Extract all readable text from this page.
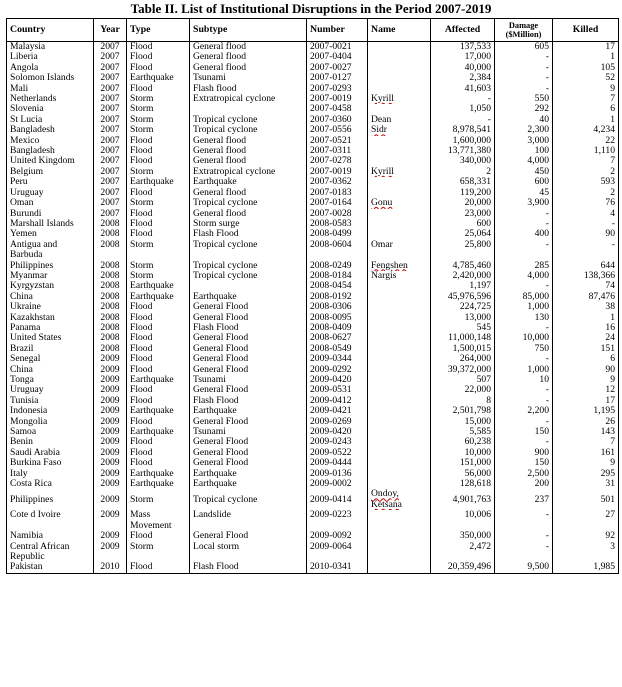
Table II. List of Institutional Disruptions in the Period 2007-2019
Country	Year	Type	Subtype	Number	Name	Affected	Damage ($Million)	Killed
Malaysia	2007	Flood	General flood	2007-0021		137,533	605	17
Liberia	2007	Flood	General flood	2007-0404		17,000	-	1
Angola	2007	Flood	General flood	2007-0027		40,000	-	105
Solomon Islands	2007	Earthquake	Tsunami	2007-0127		2,384	-	52
Mali	2007	Flood	Flash flood	2007-0293		41,603	-	9
Netherlands	2007	Storm	Extratropical cyclone	2007-0019	Kyrill	-	550	7
Slovenia	2007	Storm		2007-0458		1,050	292	6
St Lucia	2007	Storm	Tropical cyclone	2007-0360	Dean	-	40	1
Bangladesh	2007	Storm	Tropical cyclone	2007-0556	Sidr	8,978,541	2,300	4,234
Mexico	2007	Flood	General flood	2007-0521		1,600,000	3,000	22
Bangladesh	2007	Flood	General flood	2007-0311		13,771,380	100	1,110
United Kingdom	2007	Flood	General flood	2007-0278		340,000	4,000	7
Belgium	2007	Storm	Extratropical cyclone	2007-0019	Kyrill	2	450	2
Peru	2007	Earthquake	Earthquake	2007-0362		658,331	600	593
Uruguay	2007	Flood	General flood	2007-0183		119,200	45	2
Oman	2007	Storm	Tropical cyclone	2007-0164	Gonu	20,000	3,900	76
Burundi	2007	Flood	General flood	2007-0028		23,000	-	4
Marshall Islands	2008	Flood	Storm surge	2008-0583		600	-	-
Yemen	2008	Flood	Flash Flood	2008-0499		25,064	400	90
Antigua and Barbuda	2008	Storm	Tropical cyclone	2008-0604	Omar	25,800	-	-
Philippines	2008	Storm	Tropical cyclone	2008-0249	Fengshen	4,785,460	285	644
Myanmar	2008	Storm	Tropical cyclone	2008-0184	Nargis	2,420,000	4,000	138,366
Kyrgyzstan	2008	Earthquake		2008-0454		1,197	-	74
China	2008	Earthquake	Earthquake	2008-0192		45,976,596	85,000	87,476
Ukraine	2008	Flood	General Flood	2008-0306		224,725	1,000	38
Kazakhstan	2008	Flood	General Flood	2008-0095		13,000	130	1
Panama	2008	Flood	Flash Flood	2008-0409		545	-	16
United States	2008	Flood	General Flood	2008-0627		11,000,148	10,000	24
Brazil	2008	Flood	General Flood	2008-0549		1,500,015	750	151
Senegal	2009	Flood	General Flood	2009-0344		264,000	-	6
China	2009	Flood	General Flood	2009-0292		39,372,000	1,000	90
Tonga	2009	Earthquake	Tsunami	2009-0420		507	10	9
Uruguay	2009	Flood	General Flood	2009-0531		22,000	-	12
Tunisia	2009	Flood	Flash Flood	2009-0412		8	-	17
Indonesia	2009	Earthquake	Earthquake	2009-0421		2,501,798	2,200	1,195
Mongolia	2009	Flood	General Flood	2009-0269		15,000	-	26
Samoa	2009	Earthquake	Tsunami	2009-0420		5,585	150	143
Benin	2009	Flood	General Flood	2009-0243		60,238	-	7
Saudi Arabia	2009	Flood	General Flood	2009-0522		10,000	900	161
Burkina Faso	2009	Flood	General Flood	2009-0444		151,000	150	9
Italy	2009	Earthquake	Earthquake	2009-0136		56,000	2,500	295
Costa Rica	2009	Earthquake	Earthquake	2009-0002		128,618	200	31
Philippines	2009	Storm	Tropical cyclone	2009-0414	Ondoy, Ketsana	4,901,763	237	501
Cote d Ivoire	2009	Mass Movement	Landslide	2009-0223		10,006	-	27
Namibia	2009	Flood	General Flood	2009-0092		350,000	-	92
Central African Republic	2009	Storm	Local storm	2009-0064		2,472	-	3
Pakistan	2010	Flood	Flash Flood	2010-0341		20,359,496	9,500	1,985
